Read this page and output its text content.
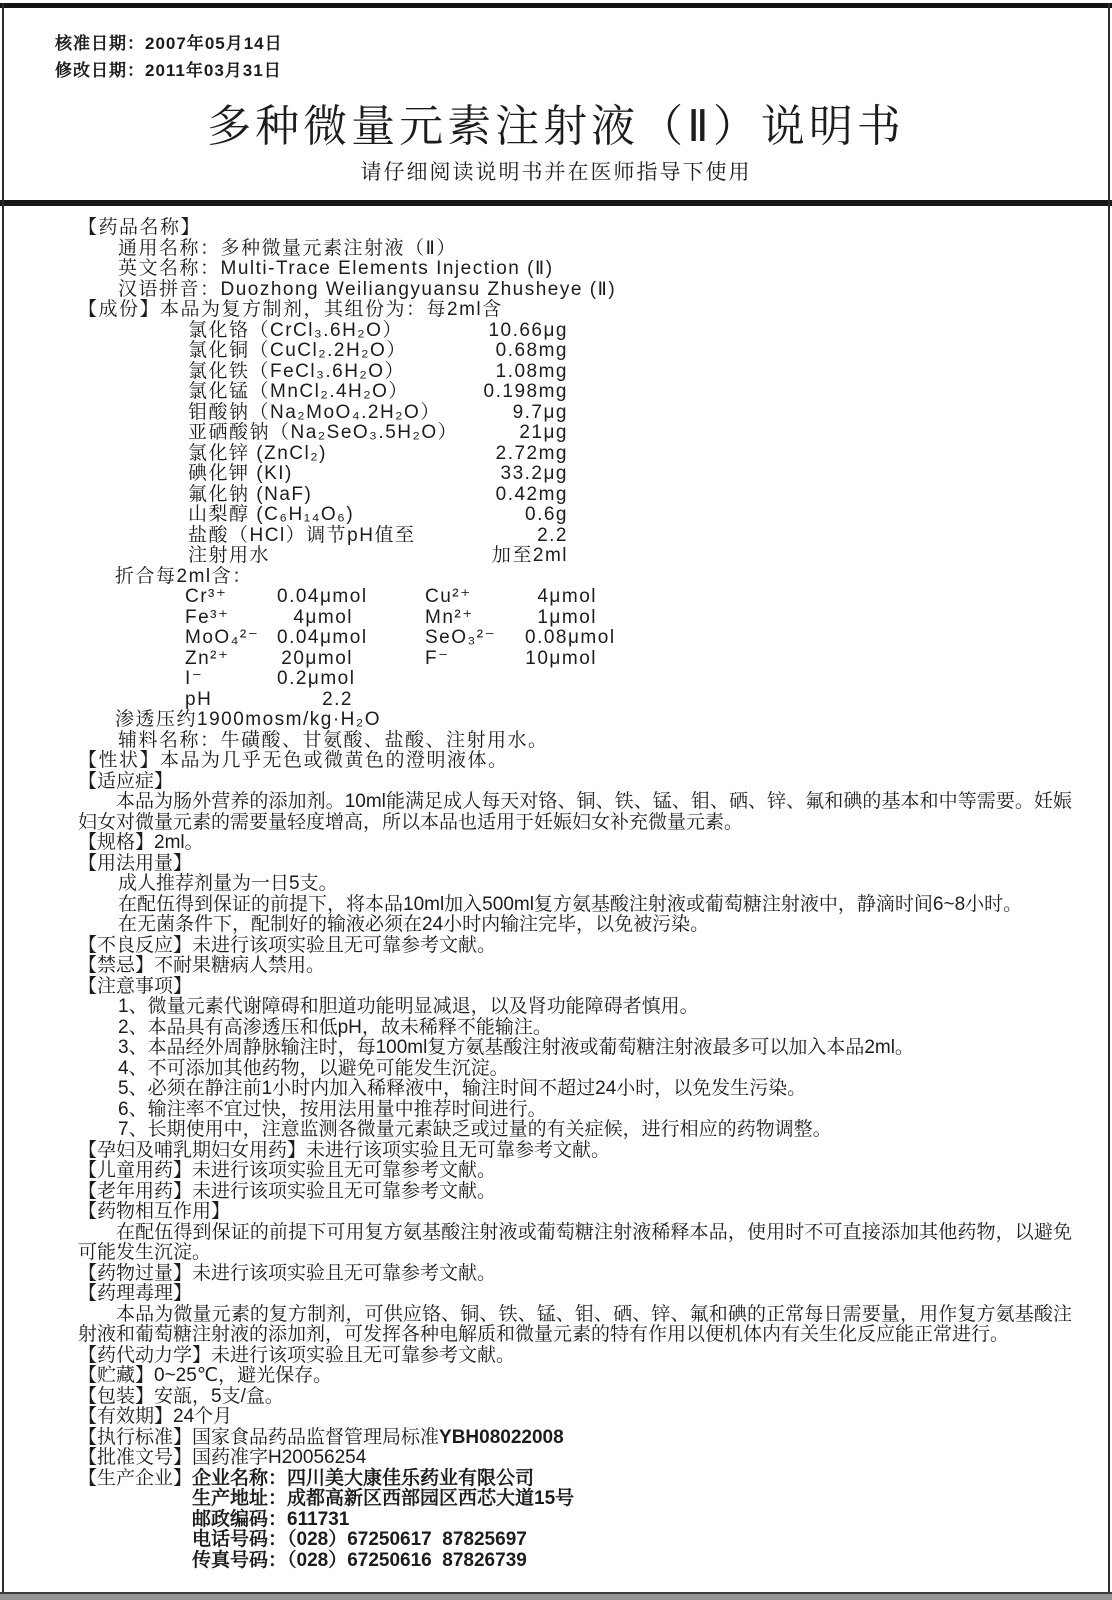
核准日期：2007年05月14日
修改日期：2011年03月31日
多种微量元素注射液（Ⅱ）说明书
请仔细阅读说明书并在医师指导下使用
【药品名称】
通用名称：多种微量元素注射液（Ⅱ）
英文名称：Multi-Trace Elements Injection (Ⅱ)
汉语拼音：Duozhong Weiliangyuansu Zhusheye (Ⅱ)
【成份】本品为复方制剂，其组份为：每2ml含
氯化铬（CrCl₃.6H₂O）	10.66μg
氯化铜（CuCl₂.2H₂O）	0.68mg
氯化铁（FeCl₃.6H₂O）	1.08mg
氯化锰（MnCl₂.4H₂O）	0.198mg
钼酸钠（Na₂MoO₄.2H₂O）	9.7μg
亚硒酸钠（Na₂SeO₃.5H₂O）	21μg
氯化锌 (ZnCl₂)	2.72mg
碘化钾 (KI)	33.2μg
氟化钠 (NaF)	0.42mg
山梨醇 (C₆H₁₄O₆)	0.6g
盐酸（HCl）调节pH值至	2.2
注射用水	加至2ml
折合每2ml含：
Cr³⁺	0.04μmol	Cu²⁺	4μmol
Fe³⁺	4μmol	Mn²⁺	1μmol
MoO₄²⁻ 0.04μmol	SeO₃²⁻	0.08μmol
Zn²⁺	20μmol	F⁻	10μmol
I⁻	0.2μmol
pH	2.2
渗透压约1900mosm/kg·H₂O
辅料名称：牛磺酸、甘氨酸、盐酸、注射用水。
【性状】本品为几乎无色或微黄色的澄明液体。
【适应症】
本品为肠外营养的添加剂。10ml能满足成人每天对铬、铜、铁、锰、钼、硒、锌、氟和碘的基本和中等需要。妊娠妇女对微量元素的需要量轻度增高，所以本品也适用于妊娠妇女补充微量元素。
【规格】2ml。
【用法用量】
成人推荐剂量为一日5支。
在配伍得到保证的前提下，将本品10ml加入500ml复方氨基酸注射液或葡萄糖注射液中，静滴时间6~8小时。
在无菌条件下，配制好的输液必须在24小时内输注完毕，以免被污染。
【不良反应】未进行该项实验且无可靠参考文献。
【禁忌】不耐果糖病人禁用。
【注意事项】
1、微量元素代谢障碍和胆道功能明显减退，以及肾功能障碍者慎用。
2、本品具有高渗透压和低pH，故未稀释不能输注。
3、本品经外周静脉输注时，每100ml复方氨基酸注射液或葡萄糖注射液最多可以加入本品2ml。
4、不可添加其他药物，以避免可能发生沉淀。
5、必须在静注前1小时内加入稀释液中，输注时间不超过24小时，以免发生污染。
6、输注率不宜过快，按用法用量中推荐时间进行。
7、长期使用中，注意监测各微量元素缺乏或过量的有关症候，进行相应的药物调整。
【孕妇及哺乳期妇女用药】未进行该项实验且无可靠参考文献。
【儿童用药】未进行该项实验且无可靠参考文献。
【老年用药】未进行该项实验且无可靠参考文献。
【药物相互作用】
在配伍得到保证的前提下可用复方氨基酸注射液或葡萄糖注射液稀释本品，使用时不可直接添加其他药物，以避免可能发生沉淀。
【药物过量】未进行该项实验且无可靠参考文献。
【药理毒理】
本品为微量元素的复方制剂，可供应铬、铜、铁、锰、钼、硒、锌、氟和碘的正常每日需要量，用作复方氨基酸注射液和葡萄糖注射液的添加剂，可发挥各种电解质和微量元素的特有作用以便机体内有关生化反应能正常进行。
【药代动力学】未进行该项实验且无可靠参考文献。
【贮藏】0~25℃，避光保存。
【包装】安瓿，5支/盒。
【有效期】24个月
【执行标准】国家食品药品监督管理局标准YBH08022008
【批准文号】国药准字H20056254
【生产企业】企业名称：四川美大康佳乐药业有限公司
生产地址：成都高新区西部园区西芯大道15号
邮政编码：611731
电话号码：（028）67250617  87825697
传真号码：（028）67250616  87826739
